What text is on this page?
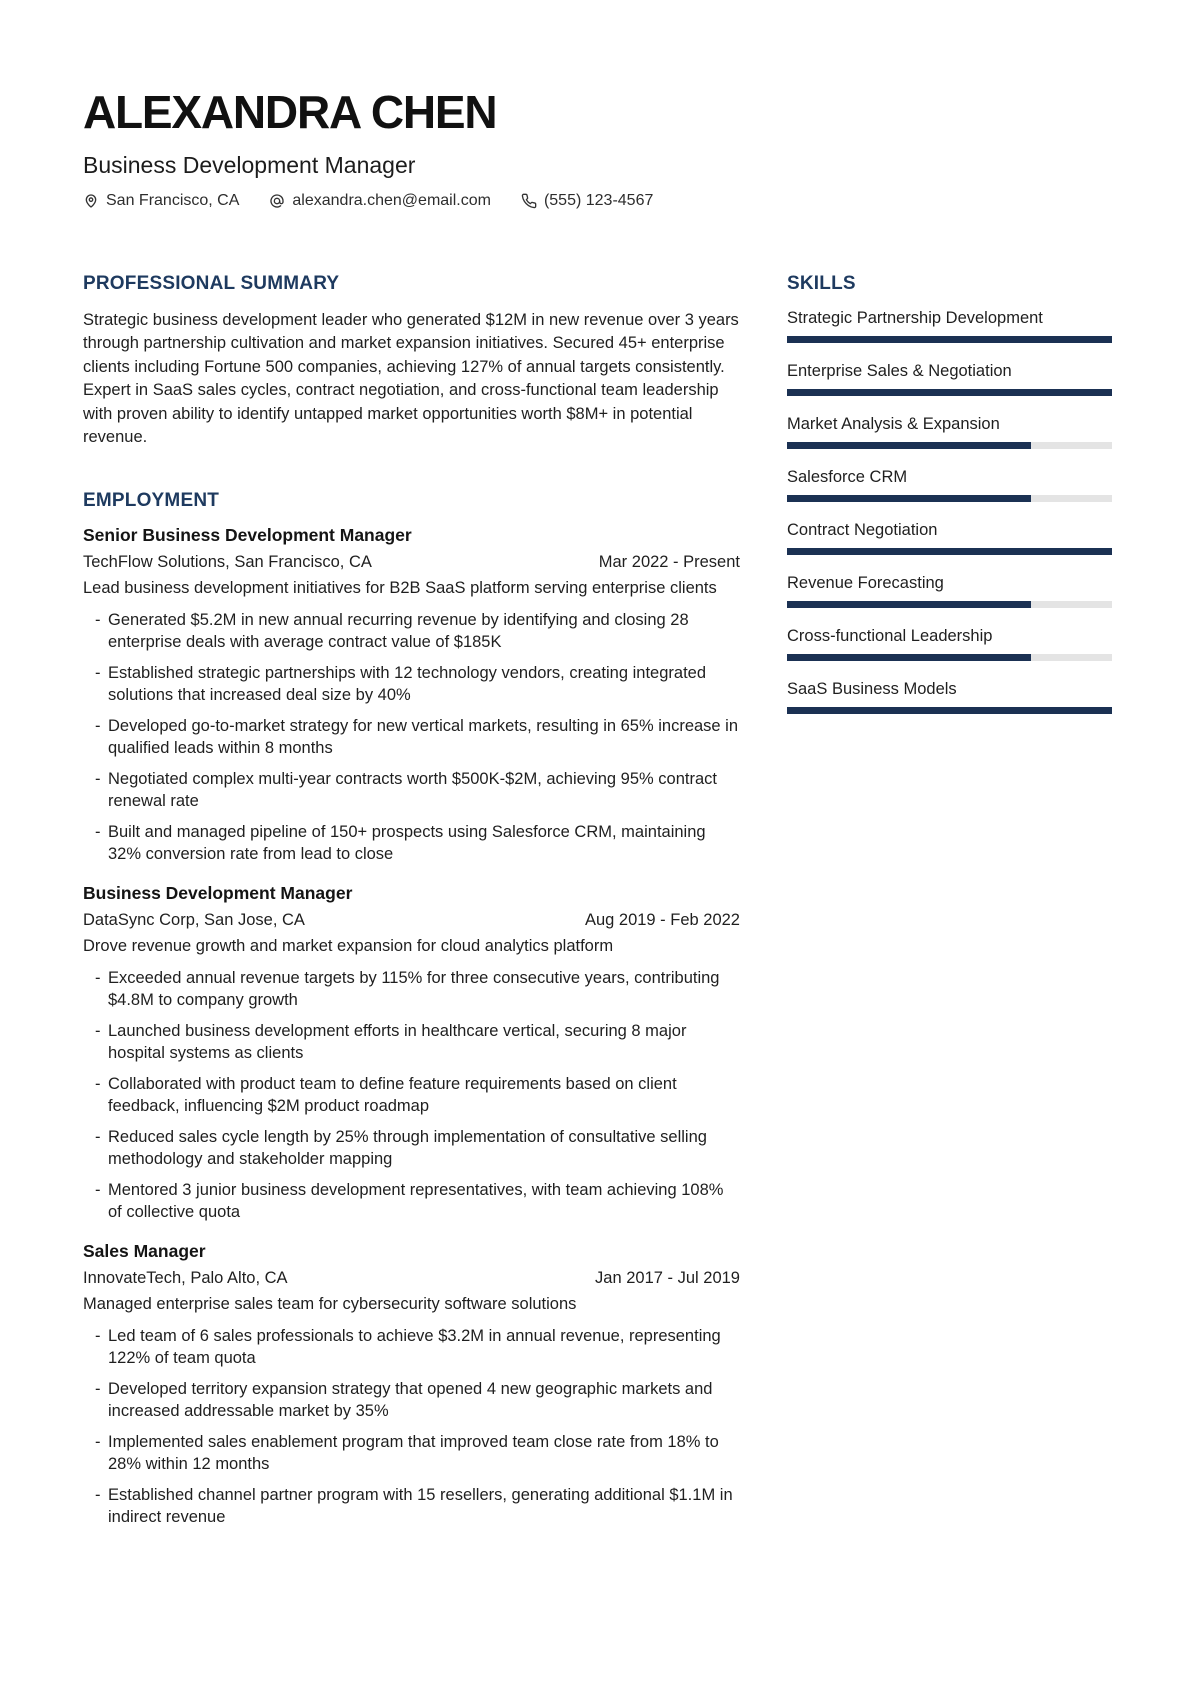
ALEXANDRA CHEN
Business Development Manager
San Francisco, CA	alexandra.chen@email.com	(555) 123-4567
PROFESSIONAL SUMMARY

Strategic business development leader who generated $12M in new revenue over 3 years through partnership cultivation and market expansion initiatives. Secured 45+ enterprise clients including Fortune 500 companies, achieving 127% of annual targets consistently. Expert in SaaS sales cycles, contract negotiation, and cross-functional team leadership with proven ability to identify untapped market opportunities worth $8M+ in potential revenue.

EMPLOYMENT
Senior Business Development Manager
TechFlow Solutions, San Francisco, CA	Mar 2022 - Present

Lead business development initiatives for B2B SaaS platform serving enterprise clients

- Generated $5.2M in new annual recurring revenue by identifying and closing 28 enterprise deals with average contract value of $185K
- Established strategic partnerships with 12 technology vendors, creating integrated solutions that increased deal size by 40%
- Developed go-to-market strategy for new vertical markets, resulting in 65% increase in qualified leads within 8 months
- Negotiated complex multi-year contracts worth $500K-$2M, achieving 95% contract renewal rate
- Built and managed pipeline of 150+ prospects using Salesforce CRM, maintaining 32% conversion rate from lead to close
Business Development Manager
DataSync Corp, San Jose, CA	Aug 2019 - Feb 2022

Drove revenue growth and market expansion for cloud analytics platform

- Exceeded annual revenue targets by 115% for three consecutive years, contributing $4.8M to company growth
- Launched business development efforts in healthcare vertical, securing 8 major hospital systems as clients
- Collaborated with product team to define feature requirements based on client feedback, influencing $2M product roadmap
- Reduced sales cycle length by 25% through implementation of consultative selling methodology and stakeholder mapping
- Mentored 3 junior business development representatives, with team achieving 108% of collective quota
Sales Manager
InnovateTech, Palo Alto, CA	Jan 2017 - Jul 2019

Managed enterprise sales team for cybersecurity software solutions

- Led team of 6 sales professionals to achieve $3.2M in annual revenue, representing 122% of team quota
- Developed territory expansion strategy that opened 4 new geographic markets and increased addressable market by 35%
- Implemented sales enablement program that improved team close rate from 18% to 28% within 12 months
- Established channel partner program with 15 resellers, generating additional $1.1M in indirect revenue
SKILLS
Strategic Partnership Development
Enterprise Sales & Negotiation
Market Analysis & Expansion
Salesforce CRM
Contract Negotiation
Revenue Forecasting
Cross-functional Leadership
SaaS Business Models
